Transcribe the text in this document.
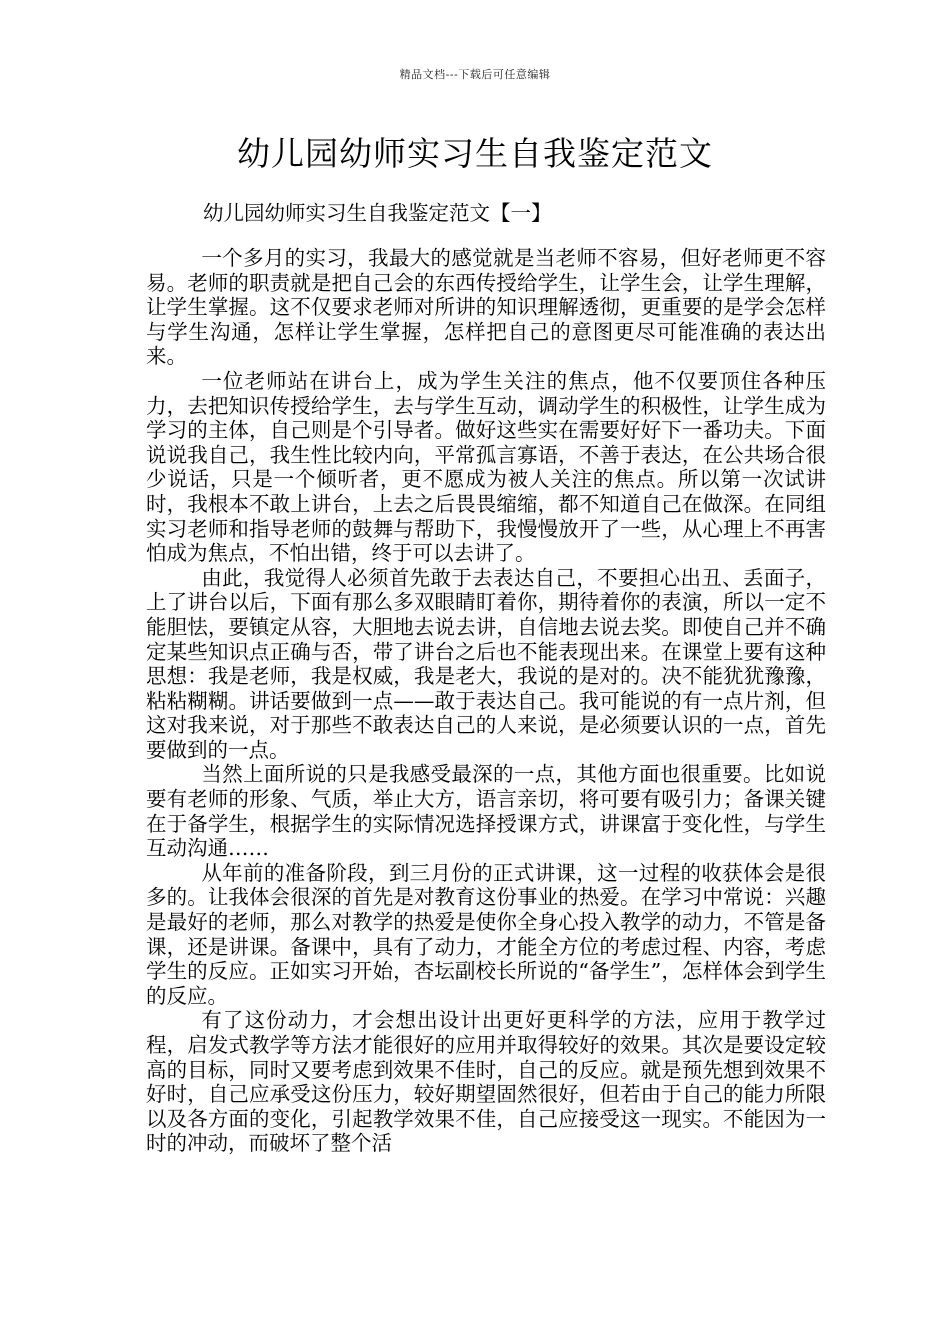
精品文档---下载后可任意编辑
幼儿园幼师实习生自我鉴定范文
幼儿园幼师实习生自我鉴定范文【一】

一个多月的实习，我最大的感觉就是当老师不容易，但好老师更不容易。老师的职责就是把自己会的东西传授给学生，让学生会，让学生理解，让学生掌握。这不仅要求老师对所讲的知识理解透彻，更重要的是学会怎样与学生沟通，怎样让学生掌握，怎样把自己的意图更尽可能准确的表达出来。

一位老师站在讲台上，成为学生关注的焦点，他不仅要顶住各种压力，去把知识传授给学生，去与学生互动，调动学生的积极性，让学生成为学习的主体，自己则是个引导者。做好这些实在需要好好下一番功夫。下面说说我自己，我生性比较内向，平常孤言寡语，不善于表达，在公共场合很少说话，只是一个倾听者，更不愿成为被人关注的焦点。所以第一次试讲时，我根本不敢上讲台，上去之后畏畏缩缩，都不知道自己在做深。在同组实习老师和指导老师的鼓舞与帮助下，我慢慢放开了一些，从心理上不再害怕成为焦点，不怕出错，终于可以去讲了。

由此，我觉得人必须首先敢于去表达自己，不要担心出丑、丢面子，上了讲台以后，下面有那么多双眼睛盯着你，期待着你的表演，所以一定不能胆怯，要镇定从容，大胆地去说去讲，自信地去说去奖。即使自己并不确定某些知识点正确与否，带了讲台之后也不能表现出来。在课堂上要有这种思想：我是老师，我是权威，我是老大，我说的是对的。决不能犹犹豫豫，粘粘糊糊。讲话要做到一点——敢于表达自己。我可能说的有一点片剂，但这对我来说，对于那些不敢表达自己的人来说，是必须要认识的一点，首先要做到的一点。

当然上面所说的只是我感受最深的一点，其他方面也很重要。比如说要有老师的形象、气质，举止大方，语言亲切，将可要有吸引力；备课关键在于备学生，根据学生的实际情况选择授课方式，讲课富于变化性，与学生互动沟通……

从年前的准备阶段，到三月份的正式讲课，这一过程的收获体会是很多的。让我体会很深的首先是对教育这份事业的热爱。在学习中常说：兴趣是最好的老师，那么对教学的热爱是使你全身心投入教学的动力，不管是备课，还是讲课。备课中，具有了动力，才能全方位的考虑过程、内容，考虑学生的反应。正如实习开始，杏坛副校长所说的“备学生”，怎样体会到学生的反应。

有了这份动力，才会想出设计出更好更科学的方法，应用于教学过程，启发式教学等方法才能很好的应用并取得较好的效果。其次是要设定较高的目标，同时又要考虑到效果不佳时，自己的反应。就是预先想到效果不好时，自己应承受这份压力，较好期望固然很好，但若由于自己的能力所限以及各方面的变化，引起教学效果不佳，自己应接受这一现实。不能因为一时的冲动，而破坏了整个活
